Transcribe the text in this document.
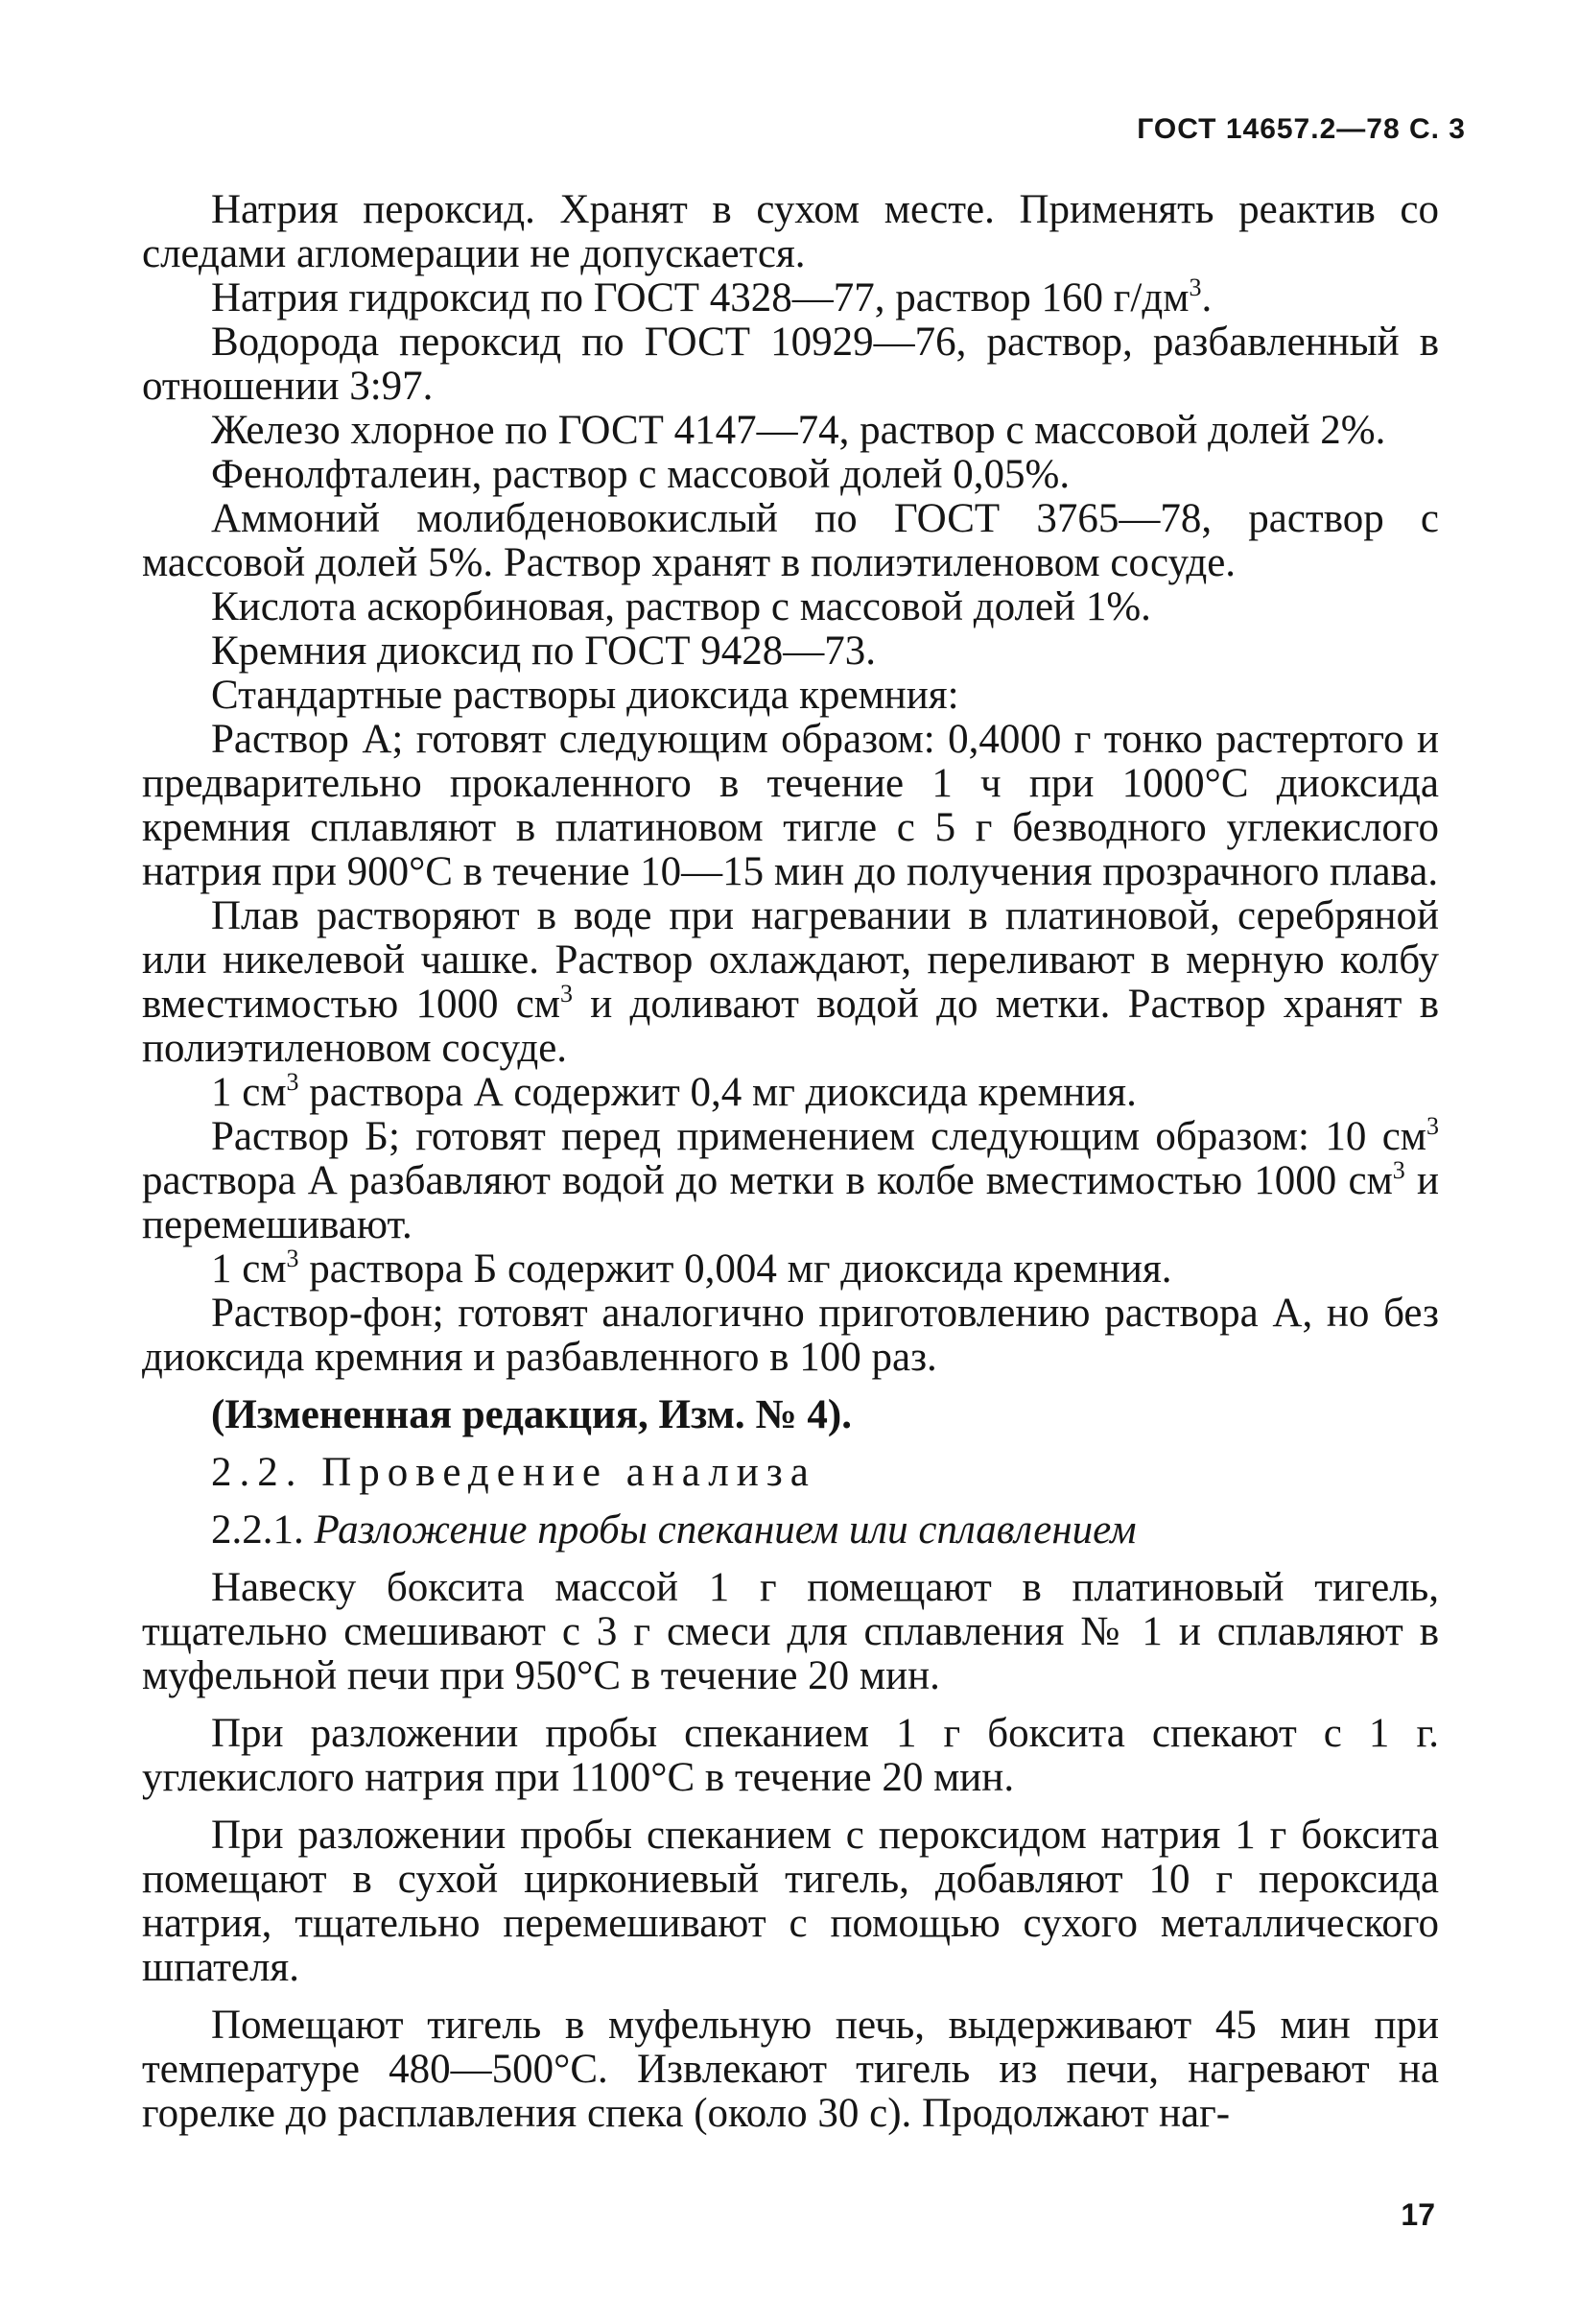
ГОСТ 14657.2—78 С. 3

Натрия пероксид. Хранят в сухом месте. Применять реактив со следами агломерации не допускается.

Натрия гидроксид по ГОСТ 4328—77, раствор 160 $г/дм^3$.

Водорода пероксид по ГОСТ 10929—76, раствор, разбавленный в отношении 3:97.

Железо хлорное по ГОСТ 4147—74, раствор с массовой долей 2%.

Фенолфталеин, раствор с массовой долей 0,05%.

Аммоний молибденовокислый по ГОСТ 3765—78, раствор с массовой долей 5%. Раствор хранят в полиэтиленовом сосуде.

Кислота аскорбиновая, раствор с массовой долей 1%.

Кремния диоксид по ГОСТ 9428—73.

Стандартные растворы диоксида кремния:

Раствор А; готовят следующим образом: 0,4000 г тонко растертого и предварительно прокаленного в течение 1 ч при 1000°С диоксида кремния сплавляют в платиновом тигле с 5 г безводного углекислого натрия при 900°С в течение 10—15 мин до получения прозрачного плава.

Плав растворяют в воде при нагревании в платиновой, серебряной или никелевой чашке. Раствор охлаждают, переливают в мерную колбу вместимостью 1000 $см^3$ и доливают водой до метки. Раствор хранят в полиэтиленовом сосуде.

1 $см^3$ раствора А содержит 0,4 мг диоксида кремния.

Раствор Б; готовят перед применением следующим образом: 10 $см^3$ раствора А разбавляют водой до метки в колбе вместимостью 1000 $см^3$ и перемешивают.

1 $см^3$ раствора Б содержит 0,004 мг диоксида кремния.

Раствор-фон; готовят аналогично приготовлению раствора А, но без диоксида кремния и разбавленного в 100 раз.

(Измененная редакция, Изм. № 4).

2.2. Проведение анализа

2.2.1. Разложение пробы спеканием или сплавлением

Навеску боксита массой 1 г помещают в платиновый тигель, тщательно смешивают с 3 г смеси для сплавления № 1 и сплавляют в муфельной печи при 950°С в течение 20 мин.

При разложении пробы спеканием 1 г боксита спекают с 1 г. углекислого натрия при 1100°С в течение 20 мин.

При разложении пробы спеканием с пероксидом натрия 1 г боксита помещают в сухой циркониевый тигель, добавляют 10 г пероксида натрия, тщательно перемешивают с помощью сухого металлического шпателя.

Помещают тигель в муфельную печь, выдерживают 45 мин при температуре 480—500°С. Извлекают тигель из печи, нагревают на горелке до расплавления спека (около 30 с). Продолжают наг-

17
